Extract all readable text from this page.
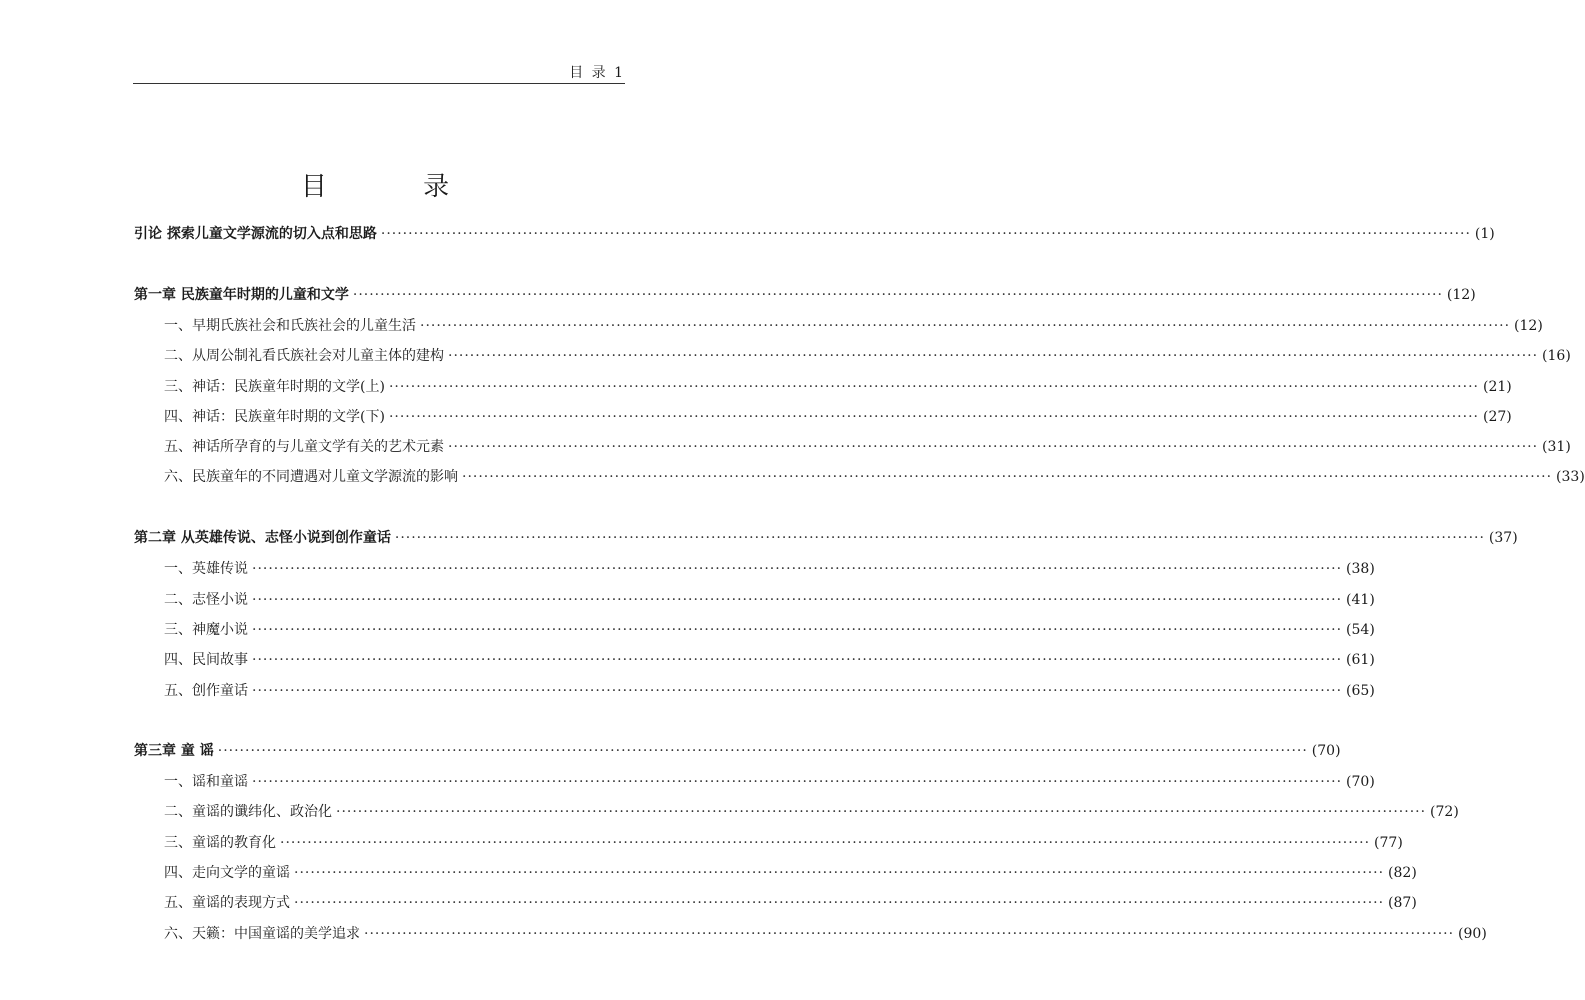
目 录 1
目 录
引论 探索儿童文学源流的切入点和思路 ········································································································································································································ (1)
第一章 民族童年时期的儿童和文学 ········································································································································································································ (12)
一、早期氏族社会和氏族社会的儿童生活 ········································································································································································································ (12)
二、从周公制礼看氏族社会对儿童主体的建构 ········································································································································································································ (16)
三、神话：民族童年时期的文学(上) ········································································································································································································ (21)
四、神话：民族童年时期的文学(下) ········································································································································································································ (27)
五、神话所孕育的与儿童文学有关的艺术元素 ········································································································································································································ (31)
六、民族童年的不同遭遇对儿童文学源流的影响 ········································································································································································································ (33)
第二章 从英雄传说、志怪小说到创作童话 ········································································································································································································ (37)
一、英雄传说 ········································································································································································································ (38)
二、志怪小说 ········································································································································································································ (41)
三、神魔小说 ········································································································································································································ (54)
四、民间故事 ········································································································································································································ (61)
五、创作童话 ········································································································································································································ (65)
第三章 童 谣 ········································································································································································································ (70)
一、谣和童谣 ········································································································································································································ (70)
二、童谣的谶纬化、政治化 ········································································································································································································ (72)
三、童谣的教育化 ········································································································································································································ (77)
四、走向文学的童谣 ········································································································································································································ (82)
五、童谣的表现方式 ········································································································································································································ (87)
六、天籁：中国童谣的美学追求 ········································································································································································································ (90)
